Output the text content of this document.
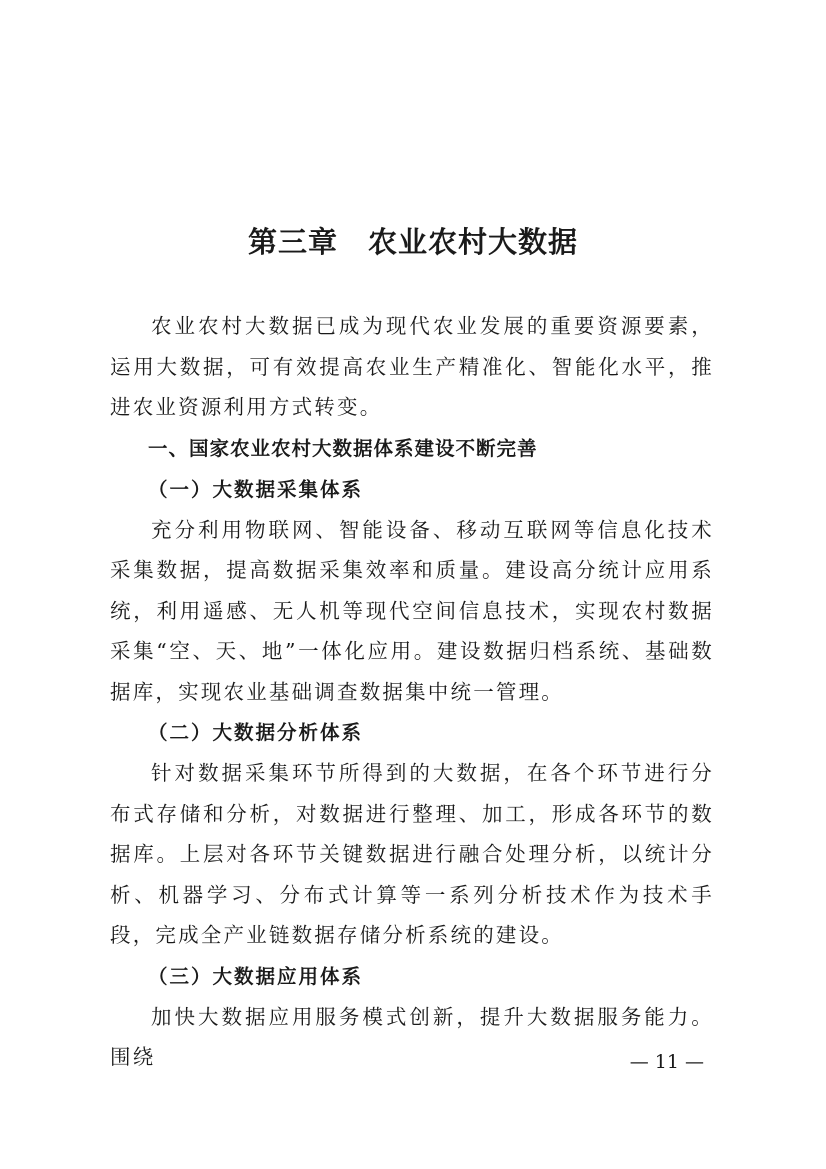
第三章　农业农村大数据

农业农村大数据已成为现代农业发展的重要资源要素，运用大数据，可有效提高农业生产精准化、智能化水平，推进农业资源利用方式转变。

一、国家农业农村大数据体系建设不断完善

（一）大数据采集体系

充分利用物联网、智能设备、移动互联网等信息化技术采集数据，提高数据采集效率和质量。建设高分统计应用系统，利用遥感、无人机等现代空间信息技术，实现农村数据采集“空、天、地”一体化应用。建设数据归档系统、基础数据库，实现农业基础调查数据集中统一管理。

（二）大数据分析体系

针对数据采集环节所得到的大数据，在各个环节进行分布式存储和分析，对数据进行整理、加工，形成各环节的数据库。上层对各环节关键数据进行融合处理分析，以统计分析、机器学习、分布式计算等一系列分析技术作为技术手段，完成全产业链数据存储分析系统的建设。

（三）大数据应用体系

加快大数据应用服务模式创新，提升大数据服务能力。围绕	— 11 —
